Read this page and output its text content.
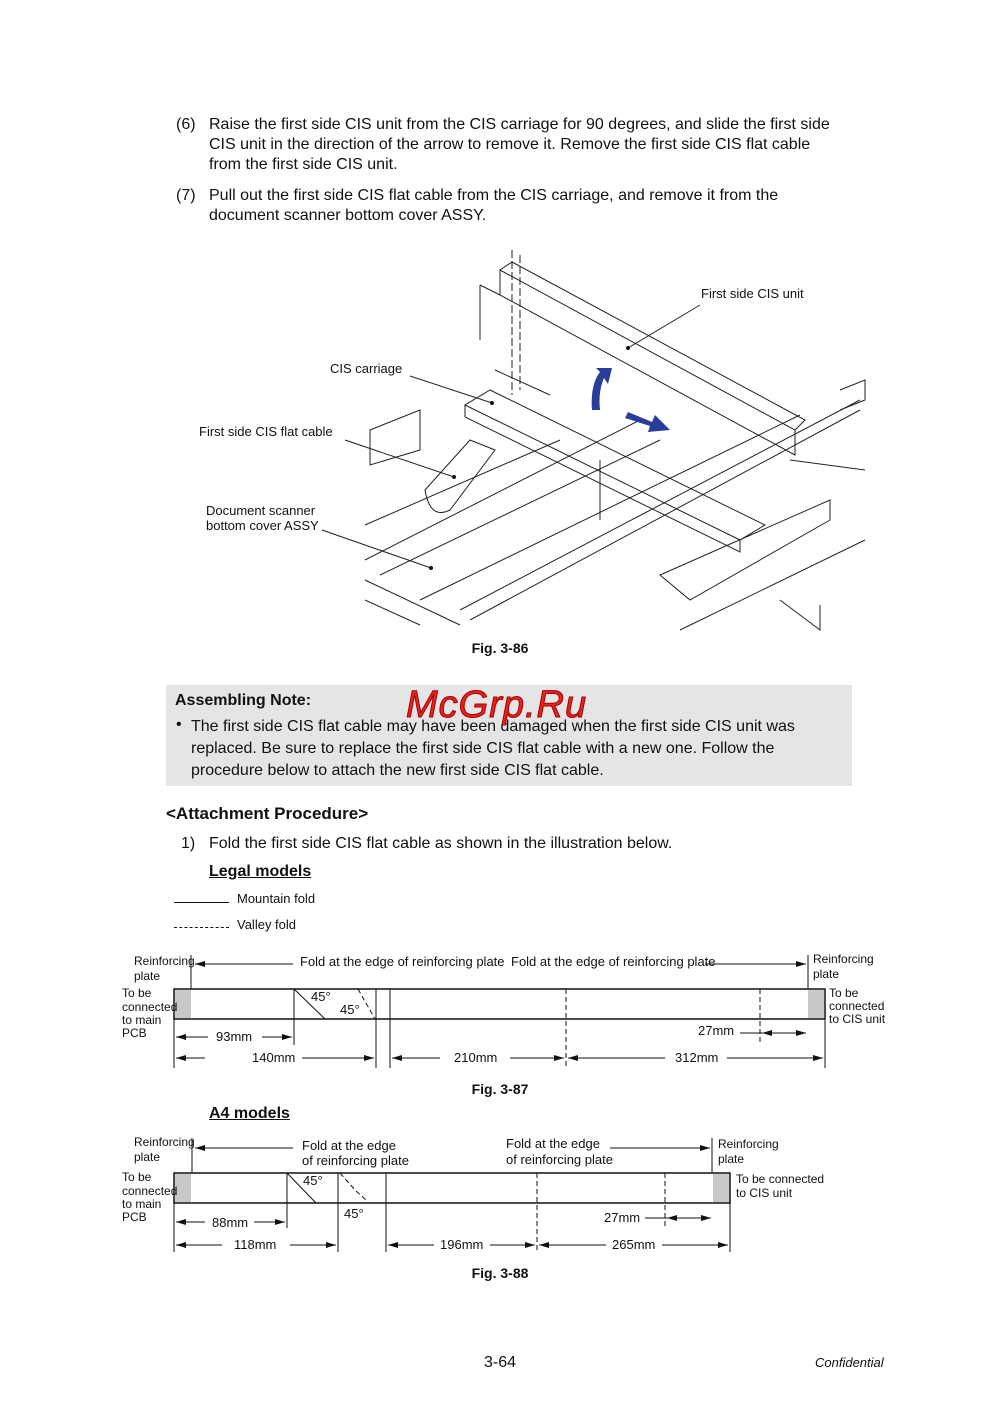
(6) Raise the first side CIS unit from the CIS carriage for 90 degrees, and slide the first side
CIS unit in the direction of the arrow to remove it. Remove the first side CIS flat cable
from the first side CIS unit.
(7) Pull out the first side CIS flat cable from the CIS carriage, and remove it from the
document scanner bottom cover ASSY.
First side CIS unit
CIS carriage
First side CIS flat cable
Document scanner
bottom cover ASSY
Fig. 3-86
Assembling Note:
• The first side CIS flat cable may have been damaged when the first side CIS unit was
replaced. Be sure to replace the first side CIS flat cable with a new one. Follow the
procedure below to attach the new first side CIS flat cable.
McGrp.Ru
<Attachment Procedure>
1) Fold the first side CIS flat cable as shown in the illustration below.
Legal models
Mountain fold
Valley fold
Reinforcing
plate
Reinforcing
plate
To be
connected
to main
PCB
To be
connected
to CIS unit
Fold at the edge of reinforcing plate Fold at the edge of reinforcing plate
45°
45°
93mm
140mm	210mm	312mm
27mm
Fig. 3-87
A4 models
Reinforcing
plate
Reinforcing
plate
To be
connected
to main
PCB
To be connected
to CIS unit
Fold at the edge
of reinforcing plate
Fold at the edge
of reinforcing plate
45°
45°
88mm
118mm	196mm	265mm
27mm
Fig. 3-88
3-64	Confidential
